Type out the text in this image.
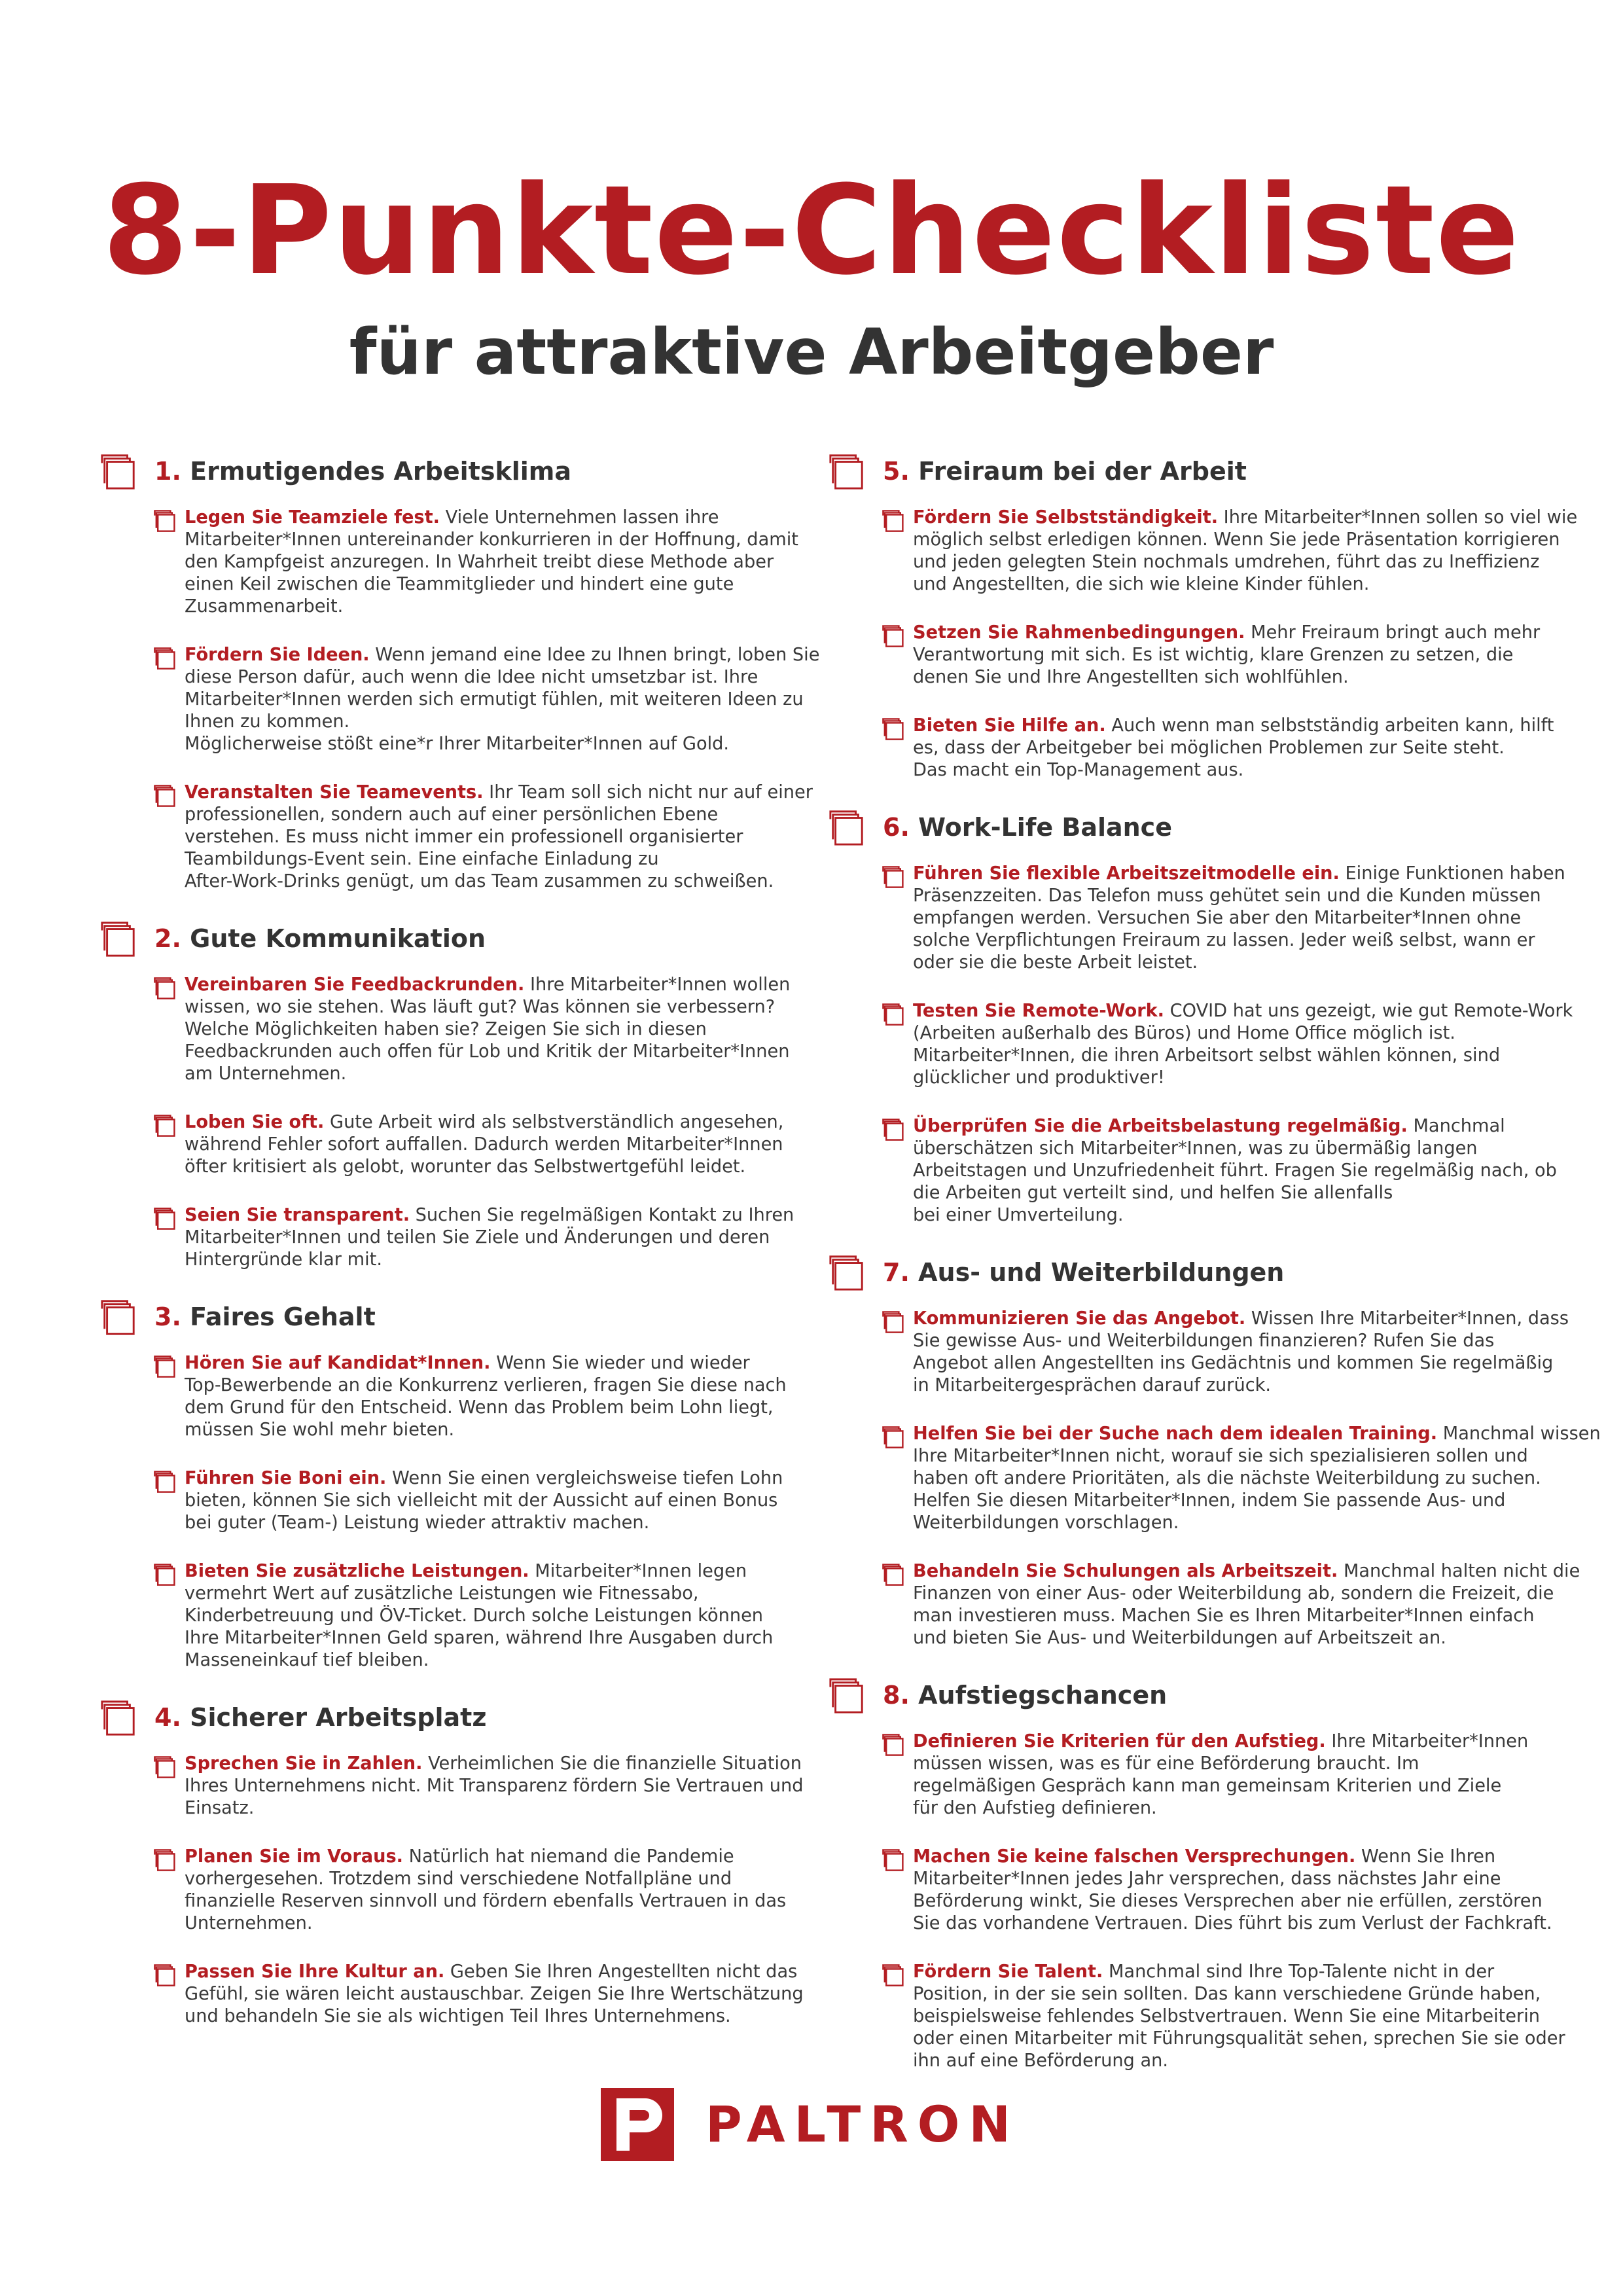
8-Punkte-Checkliste
für attraktive Arbeitgeber
1. Ermutigendes Arbeitsklima
Legen Sie Teamziele fest. Viele Unternehmen lassen ihre
Mitarbeiter*Innen untereinander konkurrieren in der Hoffnung, damit
den Kampfgeist anzuregen. In Wahrheit treibt diese Methode aber
einen Keil zwischen die Teammitglieder und hindert eine gute
Zusammenarbeit.
Fördern Sie Ideen. Wenn jemand eine Idee zu Ihnen bringt, loben Sie
diese Person dafür, auch wenn die Idee nicht umsetzbar ist. Ihre
Mitarbeiter*Innen werden sich ermutigt fühlen, mit weiteren Ideen zu
Ihnen zu kommen.
Möglicherweise stößt eine*r Ihrer Mitarbeiter*Innen auf Gold.
Veranstalten Sie Teamevents. Ihr Team soll sich nicht nur auf einer
professionellen, sondern auch auf einer persönlichen Ebene
verstehen. Es muss nicht immer ein professionell organisierter
Teambildungs-Event sein. Eine einfache Einladung zu
After-Work-Drinks genügt, um das Team zusammen zu schweißen.
2. Gute Kommunikation
Vereinbaren Sie Feedbackrunden. Ihre Mitarbeiter*Innen wollen
wissen, wo sie stehen. Was läuft gut? Was können sie verbessern?
Welche Möglichkeiten haben sie? Zeigen Sie sich in diesen
Feedbackrunden auch offen für Lob und Kritik der Mitarbeiter*Innen
am Unternehmen.
Loben Sie oft. Gute Arbeit wird als selbstverständlich angesehen,
während Fehler sofort auffallen. Dadurch werden Mitarbeiter*Innen
öfter kritisiert als gelobt, worunter das Selbstwertgefühl leidet.
Seien Sie transparent. Suchen Sie regelmäßigen Kontakt zu Ihren
Mitarbeiter*Innen und teilen Sie Ziele und Änderungen und deren
Hintergründe klar mit.
3. Faires Gehalt
Hören Sie auf Kandidat*Innen. Wenn Sie wieder und wieder
Top-Bewerbende an die Konkurrenz verlieren, fragen Sie diese nach
dem Grund für den Entscheid. Wenn das Problem beim Lohn liegt,
müssen Sie wohl mehr bieten.
Führen Sie Boni ein. Wenn Sie einen vergleichsweise tiefen Lohn
bieten, können Sie sich vielleicht mit der Aussicht auf einen Bonus
bei guter (Team-) Leistung wieder attraktiv machen.
Bieten Sie zusätzliche Leistungen. Mitarbeiter*Innen legen
vermehrt Wert auf zusätzliche Leistungen wie Fitnessabo,
Kinderbetreuung und ÖV-Ticket. Durch solche Leistungen können
Ihre Mitarbeiter*Innen Geld sparen, während Ihre Ausgaben durch
Masseneinkauf tief bleiben.
4. Sicherer Arbeitsplatz
Sprechen Sie in Zahlen. Verheimlichen Sie die finanzielle Situation
Ihres Unternehmens nicht. Mit Transparenz fördern Sie Vertrauen und
Einsatz.
Planen Sie im Voraus. Natürlich hat niemand die Pandemie
vorhergesehen. Trotzdem sind verschiedene Notfallpläne und
finanzielle Reserven sinnvoll und fördern ebenfalls Vertrauen in das
Unternehmen.
Passen Sie Ihre Kultur an. Geben Sie Ihren Angestellten nicht das
Gefühl, sie wären leicht austauschbar. Zeigen Sie Ihre Wertschätzung
und behandeln Sie sie als wichtigen Teil Ihres Unternehmens.
5. Freiraum bei der Arbeit
Fördern Sie Selbstständigkeit. Ihre Mitarbeiter*Innen sollen so viel wie
möglich selbst erledigen können. Wenn Sie jede Präsentation korrigieren
und jeden gelegten Stein nochmals umdrehen, führt das zu Ineffizienz
und Angestellten, die sich wie kleine Kinder fühlen.
Setzen Sie Rahmenbedingungen. Mehr Freiraum bringt auch mehr
Verantwortung mit sich. Es ist wichtig, klare Grenzen zu setzen, die
denen Sie und Ihre Angestellten sich wohlfühlen.
Bieten Sie Hilfe an. Auch wenn man selbstständig arbeiten kann, hilft
es, dass der Arbeitgeber bei möglichen Problemen zur Seite steht.
Das macht ein Top-Management aus.
6. Work-Life Balance
Führen Sie flexible Arbeitszeitmodelle ein. Einige Funktionen haben
Präsenzzeiten. Das Telefon muss gehütet sein und die Kunden müssen
empfangen werden. Versuchen Sie aber den Mitarbeiter*Innen ohne
solche Verpflichtungen Freiraum zu lassen. Jeder weiß selbst, wann er
oder sie die beste Arbeit leistet.
Testen Sie Remote-Work. COVID hat uns gezeigt, wie gut Remote-Work
(Arbeiten außerhalb des Büros) und Home Office möglich ist.
Mitarbeiter*Innen, die ihren Arbeitsort selbst wählen können, sind
glücklicher und produktiver!
Überprüfen Sie die Arbeitsbelastung regelmäßig. Manchmal
überschätzen sich Mitarbeiter*Innen, was zu übermäßig langen
Arbeitstagen und Unzufriedenheit führt. Fragen Sie regelmäßig nach, ob
die Arbeiten gut verteilt sind, und helfen Sie allenfalls
bei einer Umverteilung.
7. Aus- und Weiterbildungen
Kommunizieren Sie das Angebot. Wissen Ihre Mitarbeiter*Innen, dass
Sie gewisse Aus- und Weiterbildungen finanzieren? Rufen Sie das
Angebot allen Angestellten ins Gedächtnis und kommen Sie regelmäßig
in Mitarbeitergesprächen darauf zurück.
Helfen Sie bei der Suche nach dem idealen Training. Manchmal wissen
Ihre Mitarbeiter*Innen nicht, worauf sie sich spezialisieren sollen und
haben oft andere Prioritäten, als die nächste Weiterbildung zu suchen.
Helfen Sie diesen Mitarbeiter*Innen, indem Sie passende Aus- und
Weiterbildungen vorschlagen.
Behandeln Sie Schulungen als Arbeitszeit. Manchmal halten nicht die
Finanzen von einer Aus- oder Weiterbildung ab, sondern die Freizeit, die
man investieren muss. Machen Sie es Ihren Mitarbeiter*Innen einfach
und bieten Sie Aus- und Weiterbildungen auf Arbeitszeit an.
8. Aufstiegschancen
Definieren Sie Kriterien für den Aufstieg. Ihre Mitarbeiter*Innen
müssen wissen, was es für eine Beförderung braucht. Im
regelmäßigen Gespräch kann man gemeinsam Kriterien und Ziele
für den Aufstieg definieren.
Machen Sie keine falschen Versprechungen. Wenn Sie Ihren
Mitarbeiter*Innen jedes Jahr versprechen, dass nächstes Jahr eine
Beförderung winkt, Sie dieses Versprechen aber nie erfüllen, zerstören
Sie das vorhandene Vertrauen. Dies führt bis zum Verlust der Fachkraft.
Fördern Sie Talent. Manchmal sind Ihre Top-Talente nicht in der
Position, in der sie sein sollten. Das kann verschiedene Gründe haben,
beispielsweise fehlendes Selbstvertrauen. Wenn Sie eine Mitarbeiterin
oder einen Mitarbeiter mit Führungsqualität sehen, sprechen Sie sie oder
ihn auf eine Beförderung an.
PALTRON
